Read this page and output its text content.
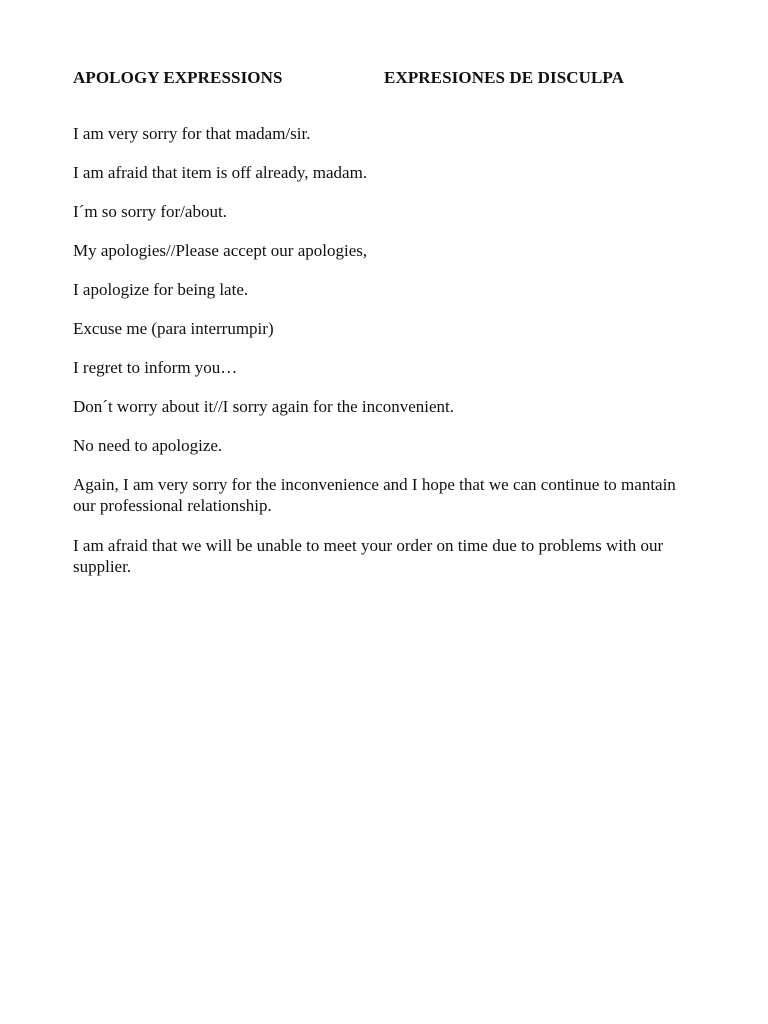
APOLOGY EXPRESSIONS	EXPRESIONES DE DISCULPA

I am very sorry for that madam/sir.

I am afraid that item is off already, madam.

I´m so sorry for/about.

My apologies//Please accept our apologies,

I apologize for being late.

Excuse me (para interrumpir)

I regret to inform you…

Don´t worry about it//I sorry again for the inconvenient.

No need to apologize.

Again, I am very sorry for the inconvenience and I hope that we can continue to mantain our professional relationship.

I am afraid that we will be unable to meet your order on time due to problems with our supplier.
